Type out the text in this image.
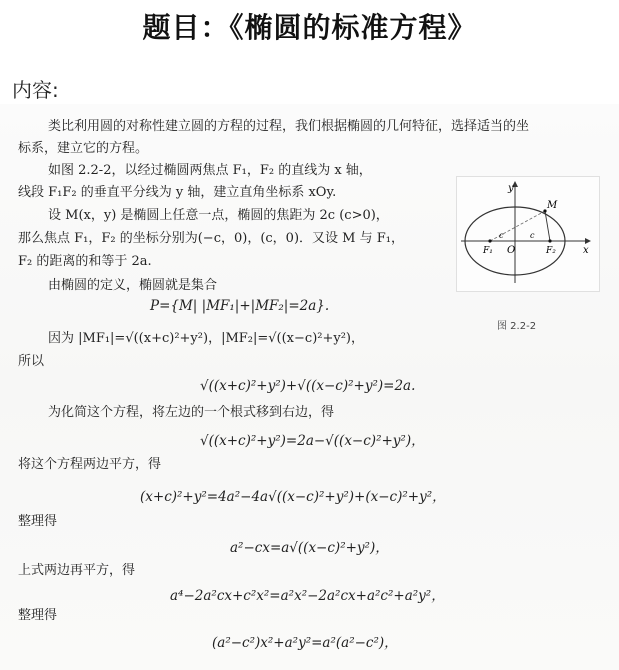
题目：《椭圆的标准方程》
内容:
类比利用圆的对称性建立圆的方程的过程，我们根据椭圆的几何特征，选择适当的坐
标系，建立它的方程。
如图 2.2-2，以经过椭圆两焦点 F₁，F₂ 的直线为 x 轴，
线段 F₁F₂ 的垂直平分线为 y 轴，建立直角坐标系 xOy.
设 M(x，y) 是椭圆上任意一点，椭圆的焦距为 2c (c>0)，
那么焦点 F₁，F₂ 的坐标分别为(−c，0)，(c，0)．又设 M 与 F₁，
F₂ 的距离的和等于 2a.
由椭圆的定义，椭圆就是集合
P={M| |MF₁|+|MF₂|=2a}.
因为 |MF₁|=√((x+c)²+y²)，|MF₂|=√((x−c)²+y²)，
所以
√((x+c)²+y²)+√((x−c)²+y²)=2a.
为化简这个方程，将左边的一个根式移到右边，得
√((x+c)²+y²)=2a−√((x−c)²+y²)，
将这个方程两边平方，得
(x+c)²+y²=4a²−4a√((x−c)²+y²)+(x−c)²+y²，
整理得
a²−cx=a√((x−c)²+y²)，
上式两边再平方，得
a⁴−2a²cx+c²x²=a²x²−2a²cx+a²c²+a²y²，
整理得
(a²−c²)x²+a²y²=a²(a²−c²)，
y
x
M
O
F₁	F₂
c	c
图 2.2-2
